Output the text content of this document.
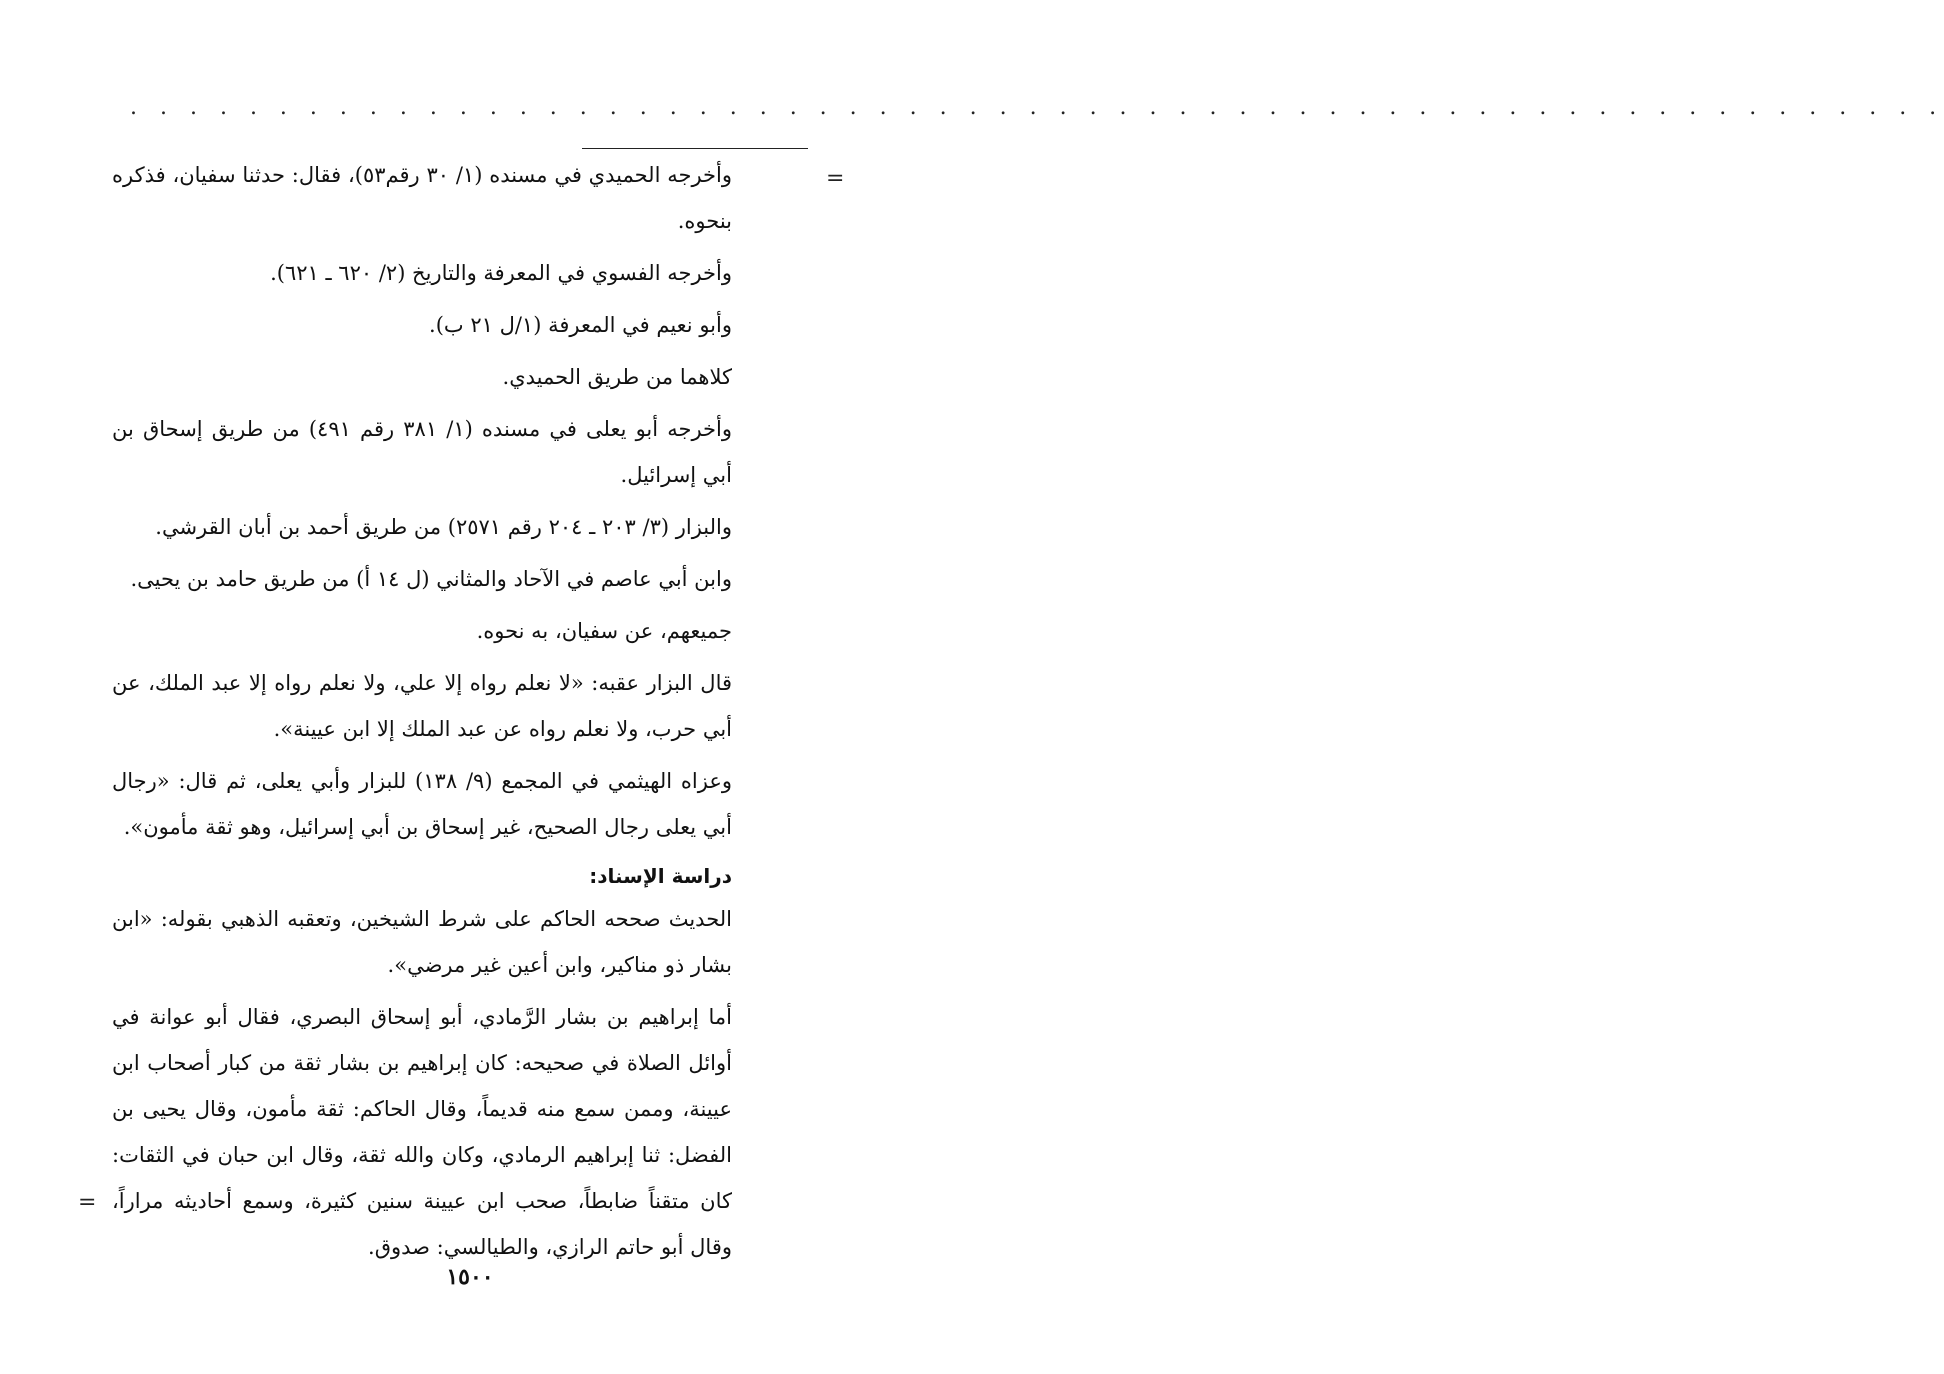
. . . . . . . . . . . . . . . . . . . . . . . . . . . . . . . . . . . . . . . . . . . . . . . . . . . . . . . . . . . . .
=

وأخرجه الحميدي في مسنده (١/ ٣٠ رقم٥٣)، فقال: حدثنا سفيان، فذكره بنحوه.

وأخرجه الفسوي في المعرفة والتاريخ (٢/ ٦٢٠ ـ ٦٢١).

وأبو نعيم في المعرفة (١/ل ٢١ ب).

كلاهما من طريق الحميدي.

وأخرجه أبو يعلى في مسنده (١/ ٣٨١ رقم ٤٩١) من طريق إسحاق بن أبي إسرائيل.

والبزار (٣/ ٢٠٣ ـ ٢٠٤ رقم ٢٥٧١) من طريق أحمد بن أبان القرشي.

وابن أبي عاصم في الآحاد والمثاني (ل ١٤ أ) من طريق حامد بن يحيى.

جميعهم، عن سفيان، به نحوه.

قال البزار عقبه: «لا نعلم رواه إلا علي، ولا نعلم رواه إلا عبد الملك، عن أبي حرب، ولا نعلم رواه عن عبد الملك إلا ابن عيينة».

وعزاه الهيثمي في المجمع (٩/ ١٣٨) للبزار وأبي يعلى، ثم قال: «رجال أبي يعلى رجال الصحيح، غير إسحاق بن أبي إسرائيل، وهو ثقة مأمون».

دراسة الإسناد:

الحديث صححه الحاكم على شرط الشيخين، وتعقبه الذهبي بقوله: «ابن بشار ذو مناكير، وابن أعين غير مرضي».

أما إبراهيم بن بشار الرَّمادي، أبو إسحاق البصري، فقال أبو عوانة في أوائل الصلاة في صحيحه: كان إبراهيم بن بشار ثقة من كبار أصحاب ابن عيينة، وممن سمع منه قديماً، وقال الحاكم: ثقة مأمون، وقال يحيى بن الفضل: ثنا إبراهيم الرمادي، وكان والله ثقة، وقال ابن حبان في الثقات: كان متقناً ضابطاً، صحب ابن عيينة سنين كثيرة، وسمع أحاديثه مراراً، وقال أبو حاتم الرازي، والطيالسي: صدوق.

=
١٥٠٠
